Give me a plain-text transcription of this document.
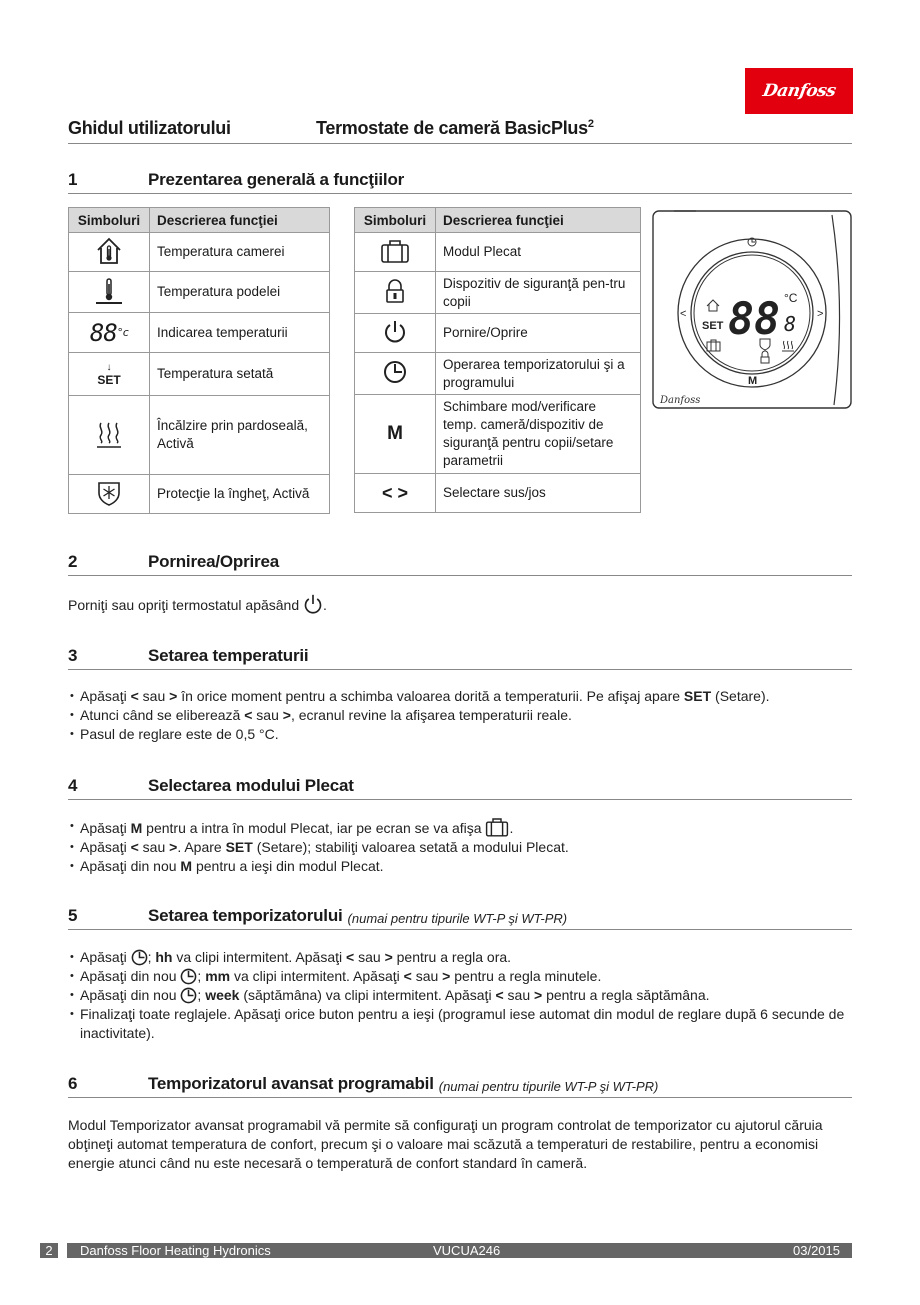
Danfoss
Ghidul utilizatorului	Termostate de cameră BasicPlus$^2$
1	Prezentarea generală a funcţiilor
Simboluri	Descrierea funcţiei
	Temperatura camerei
	Temperatura podelei
$88^{^\circ c}$	Indicarea temperaturii

↓
SET	Temperatura setată
	Încălzire prin pardoseală, Activă
	Protecţie la îngheţ, Activă
Simboluri	Descrierea funcţiei
	Modul Plecat
	Dispozitiv de siguranţă pen-tru copii
	Pornire/Oprire
	Operarea temporizatorului şi a programului
M	Schimbare mod/verificare temp. cameră/dispozitiv de siguranţă pentru copii/setare parametrii
< >	Selectare sus/jos
88 °C
8
SET
<	>
M
Danfoss
2	Pornirea/Oprirea
Porniţi sau opriţi termostatul apăsând .
3	Setarea temperaturii
• Apăsaţi < sau > în orice moment pentru a schimba valoarea dorită a temperaturii. Pe afişaj apare SET (Setare).
• Atunci când se eliberează < sau >, ecranul revine la afişarea temperaturii reale.
• Pasul de reglare este de 0,5 °C.
4	Selectarea modului Plecat
• Apăsaţi M pentru a intra în modul Plecat, iar pe ecran se va afişa .
• Apăsaţi < sau >. Apare SET (Setare); stabiliţi valoarea setată a modului Plecat.
• Apăsaţi din nou M pentru a ieşi din modul Plecat.
5	Setarea temporizatorului (numai pentru tipurile WT-P şi WT-PR)
• Apăsaţi ; hh va clipi intermitent. Apăsaţi < sau > pentru a regla ora.
• Apăsaţi din nou ; mm va clipi intermitent. Apăsaţi < sau > pentru a regla minutele.
• Apăsaţi din nou ; week (săptămâna) va clipi intermitent. Apăsaţi < sau > pentru a regla săptămâna.
• Finalizaţi toate reglajele. Apăsaţi orice buton pentru a ieşi (programul iese automat din modul de reglare după 6 secunde de inactivitate).
6	Temporizatorul avansat programabil (numai pentru tipurile WT-P şi WT-PR)
Modul Temporizator avansat programabil vă permite să configuraţi un program controlat de temporizator cu ajutorul căruia obţineţi automat temperatura de confort, precum şi o valoare mai scăzută a temperaturi de restabilire, pentru a economisi energie atunci când nu este necesară o temperatură de confort standard în cameră.
2	Danfoss Floor Heating Hydronics	VUCUA246	03/2015
